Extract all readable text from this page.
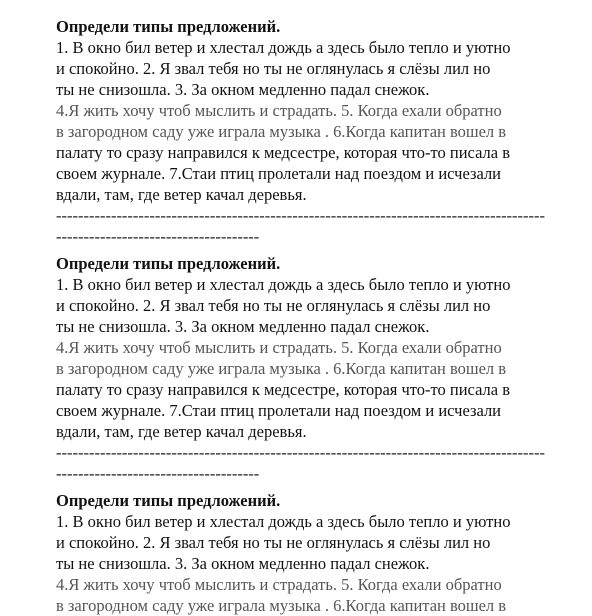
Определи типы предложений.

1. В окно бил ветер и хлестал дождь а здесь было тепло и уютно
и спокойно. 2. Я звал тебя но ты не оглянулась я слёзы лил но
ты не снизошла. 3. За окном медленно падал снежок.
4.Я жить хочу чтоб мыслить и страдать. 5. Когда ехали обратно
в загородном саду уже играла музыка . 6.Когда капитан вошел в
палату то сразу направился к медсестре, которая что-то писала в
своем журнале. 7.Стаи птиц пролетали над поездом и исчезали
вдали, там, где ветер качал деревья.

-----------------------------------------------------------------------------------------

-------------------------------------

Определи типы предложений.

1. В окно бил ветер и хлестал дождь а здесь было тепло и уютно
и спокойно. 2. Я звал тебя но ты не оглянулась я слёзы лил но
ты не снизошла. 3. За окном медленно падал снежок.
4.Я жить хочу чтоб мыслить и страдать. 5. Когда ехали обратно
в загородном саду уже играла музыка . 6.Когда капитан вошел в
палату то сразу направился к медсестре, которая что-то писала в
своем журнале. 7.Стаи птиц пролетали над поездом и исчезали
вдали, там, где ветер качал деревья.

-----------------------------------------------------------------------------------------

-------------------------------------

Определи типы предложений.

1. В окно бил ветер и хлестал дождь а здесь было тепло и уютно
и спокойно. 2. Я звал тебя но ты не оглянулась я слёзы лил но
ты не снизошла. 3. За окном медленно падал снежок.
4.Я жить хочу чтоб мыслить и страдать. 5. Когда ехали обратно
в загородном саду уже играла музыка . 6.Когда капитан вошел в
